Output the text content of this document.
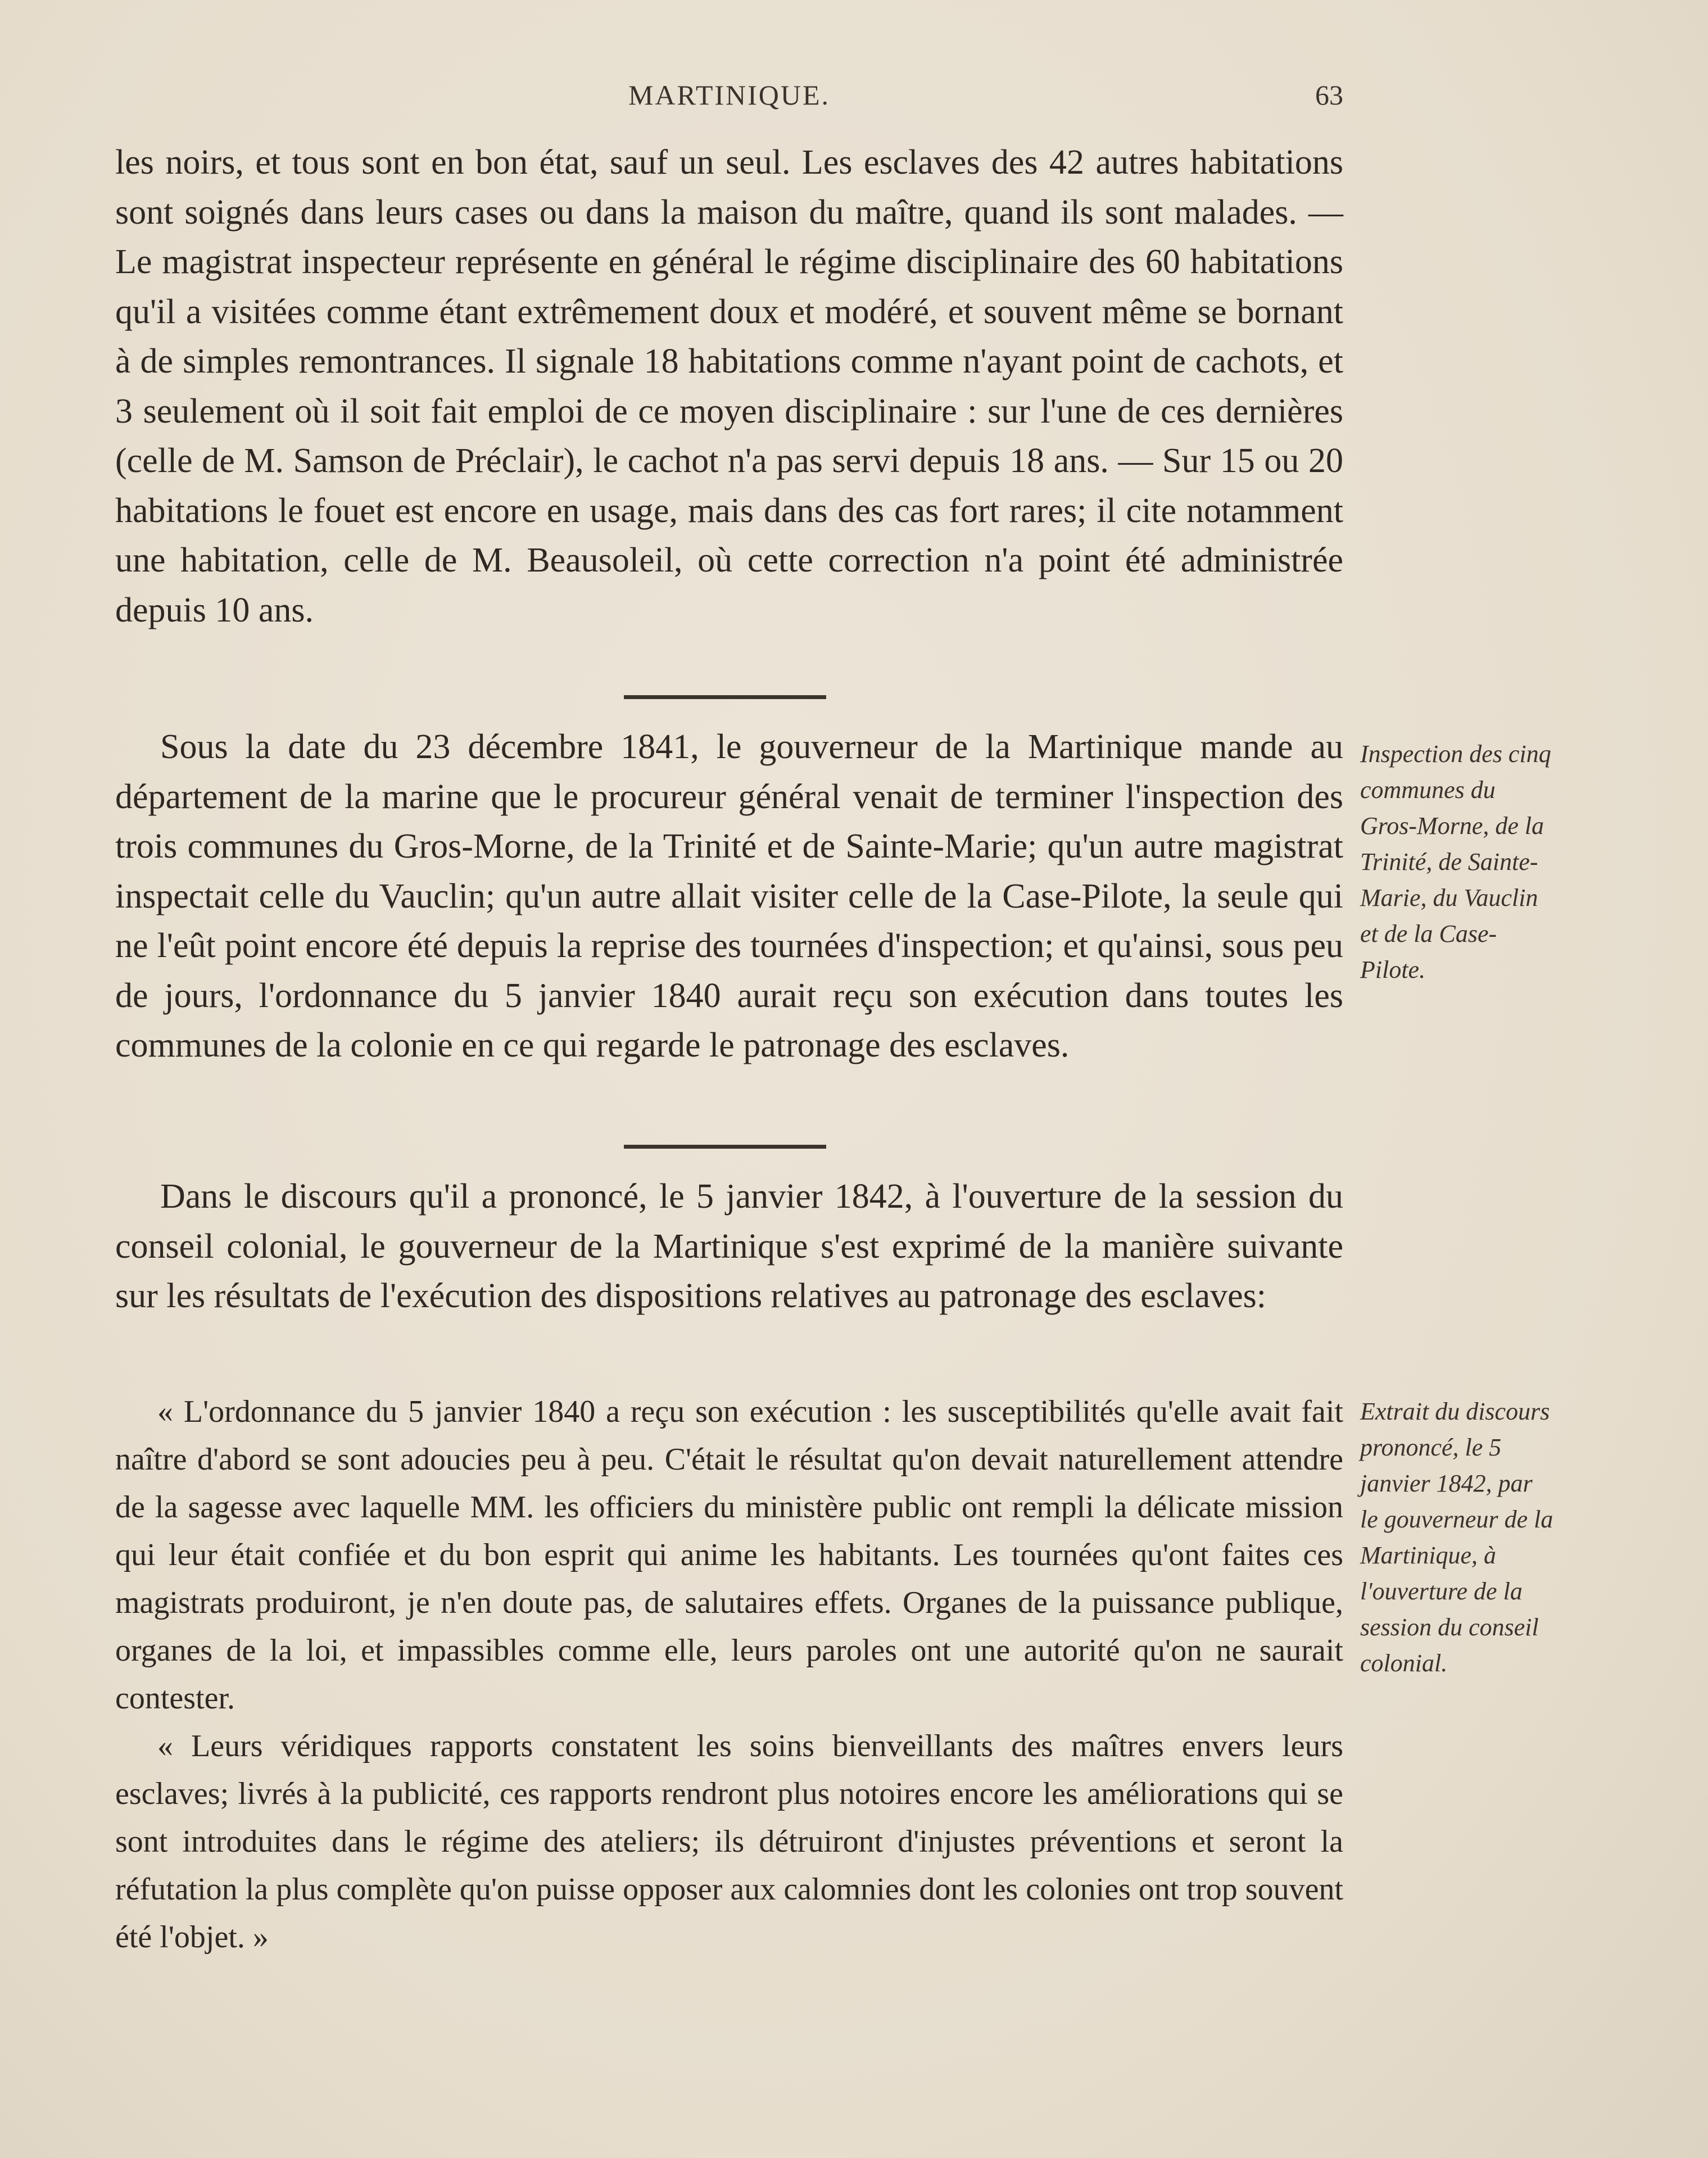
MARTINIQUE.	63

les noirs, et tous sont en bon état, sauf un seul. Les esclaves des 42 autres habitations sont soignés dans leurs cases ou dans la maison du maître, quand ils sont malades. — Le magistrat inspecteur représente en général le régime disciplinaire des 60 habitations qu'il a visitées comme étant extrêmement doux et modéré, et souvent même se bornant à de simples remontrances. Il signale 18 habitations comme n'ayant point de cachots, et 3 seulement où il soit fait emploi de ce moyen disciplinaire : sur l'une de ces dernières (celle de M. Samson de Préclair), le cachot n'a pas servi depuis 18 ans. — Sur 15 ou 20 habitations le fouet est encore en usage, mais dans des cas fort rares; il cite notamment une habitation, celle de M. Beausoleil, où cette correction n'a point été administrée depuis 10 ans.

Sous la date du 23 décembre 1841, le gouverneur de la Martinique mande au département de la marine que le procureur général venait de terminer l'inspection des trois communes du Gros-Morne, de la Trinité et de Sainte-Marie; qu'un autre magistrat inspectait celle du Vauclin; qu'un autre allait visiter celle de la Case-Pilote, la seule qui ne l'eût point encore été depuis la reprise des tournées d'inspection; et qu'ainsi, sous peu de jours, l'ordonnance du 5 janvier 1840 aurait reçu son exécution dans toutes les communes de la colonie en ce qui regarde le patronage des esclaves.

Inspection des cinq communes du Gros-Morne, de la Trinité, de Sainte-Marie, du Vauclin et de la Case-Pilote.

Dans le discours qu'il a prononcé, le 5 janvier 1842, à l'ouverture de la session du conseil colonial, le gouverneur de la Martinique s'est exprimé de la manière suivante sur les résultats de l'exécution des dispositions relatives au patronage des esclaves:

« L'ordonnance du 5 janvier 1840 a reçu son exécution : les susceptibilités qu'elle avait fait naître d'abord se sont adoucies peu à peu. C'était le résultat qu'on devait naturellement attendre de la sagesse avec laquelle MM. les officiers du ministère public ont rempli la délicate mission qui leur était confiée et du bon esprit qui anime les habitants. Les tournées qu'ont faites ces magistrats produiront, je n'en doute pas, de salutaires effets. Organes de la puissance publique, organes de la loi, et impassibles comme elle, leurs paroles ont une autorité qu'on ne saurait contester.

« Leurs véridiques rapports constatent les soins bienveillants des maîtres envers leurs esclaves; livrés à la publicité, ces rapports rendront plus notoires encore les améliorations qui se sont introduites dans le régime des ateliers; ils détruiront d'injustes préventions et seront la réfutation la plus complète qu'on puisse opposer aux calomnies dont les colonies ont trop souvent été l'objet. »

Extrait du discours prononcé, le 5 janvier 1842, par le gouverneur de la Martinique, à l'ouverture de la session du conseil colonial.
